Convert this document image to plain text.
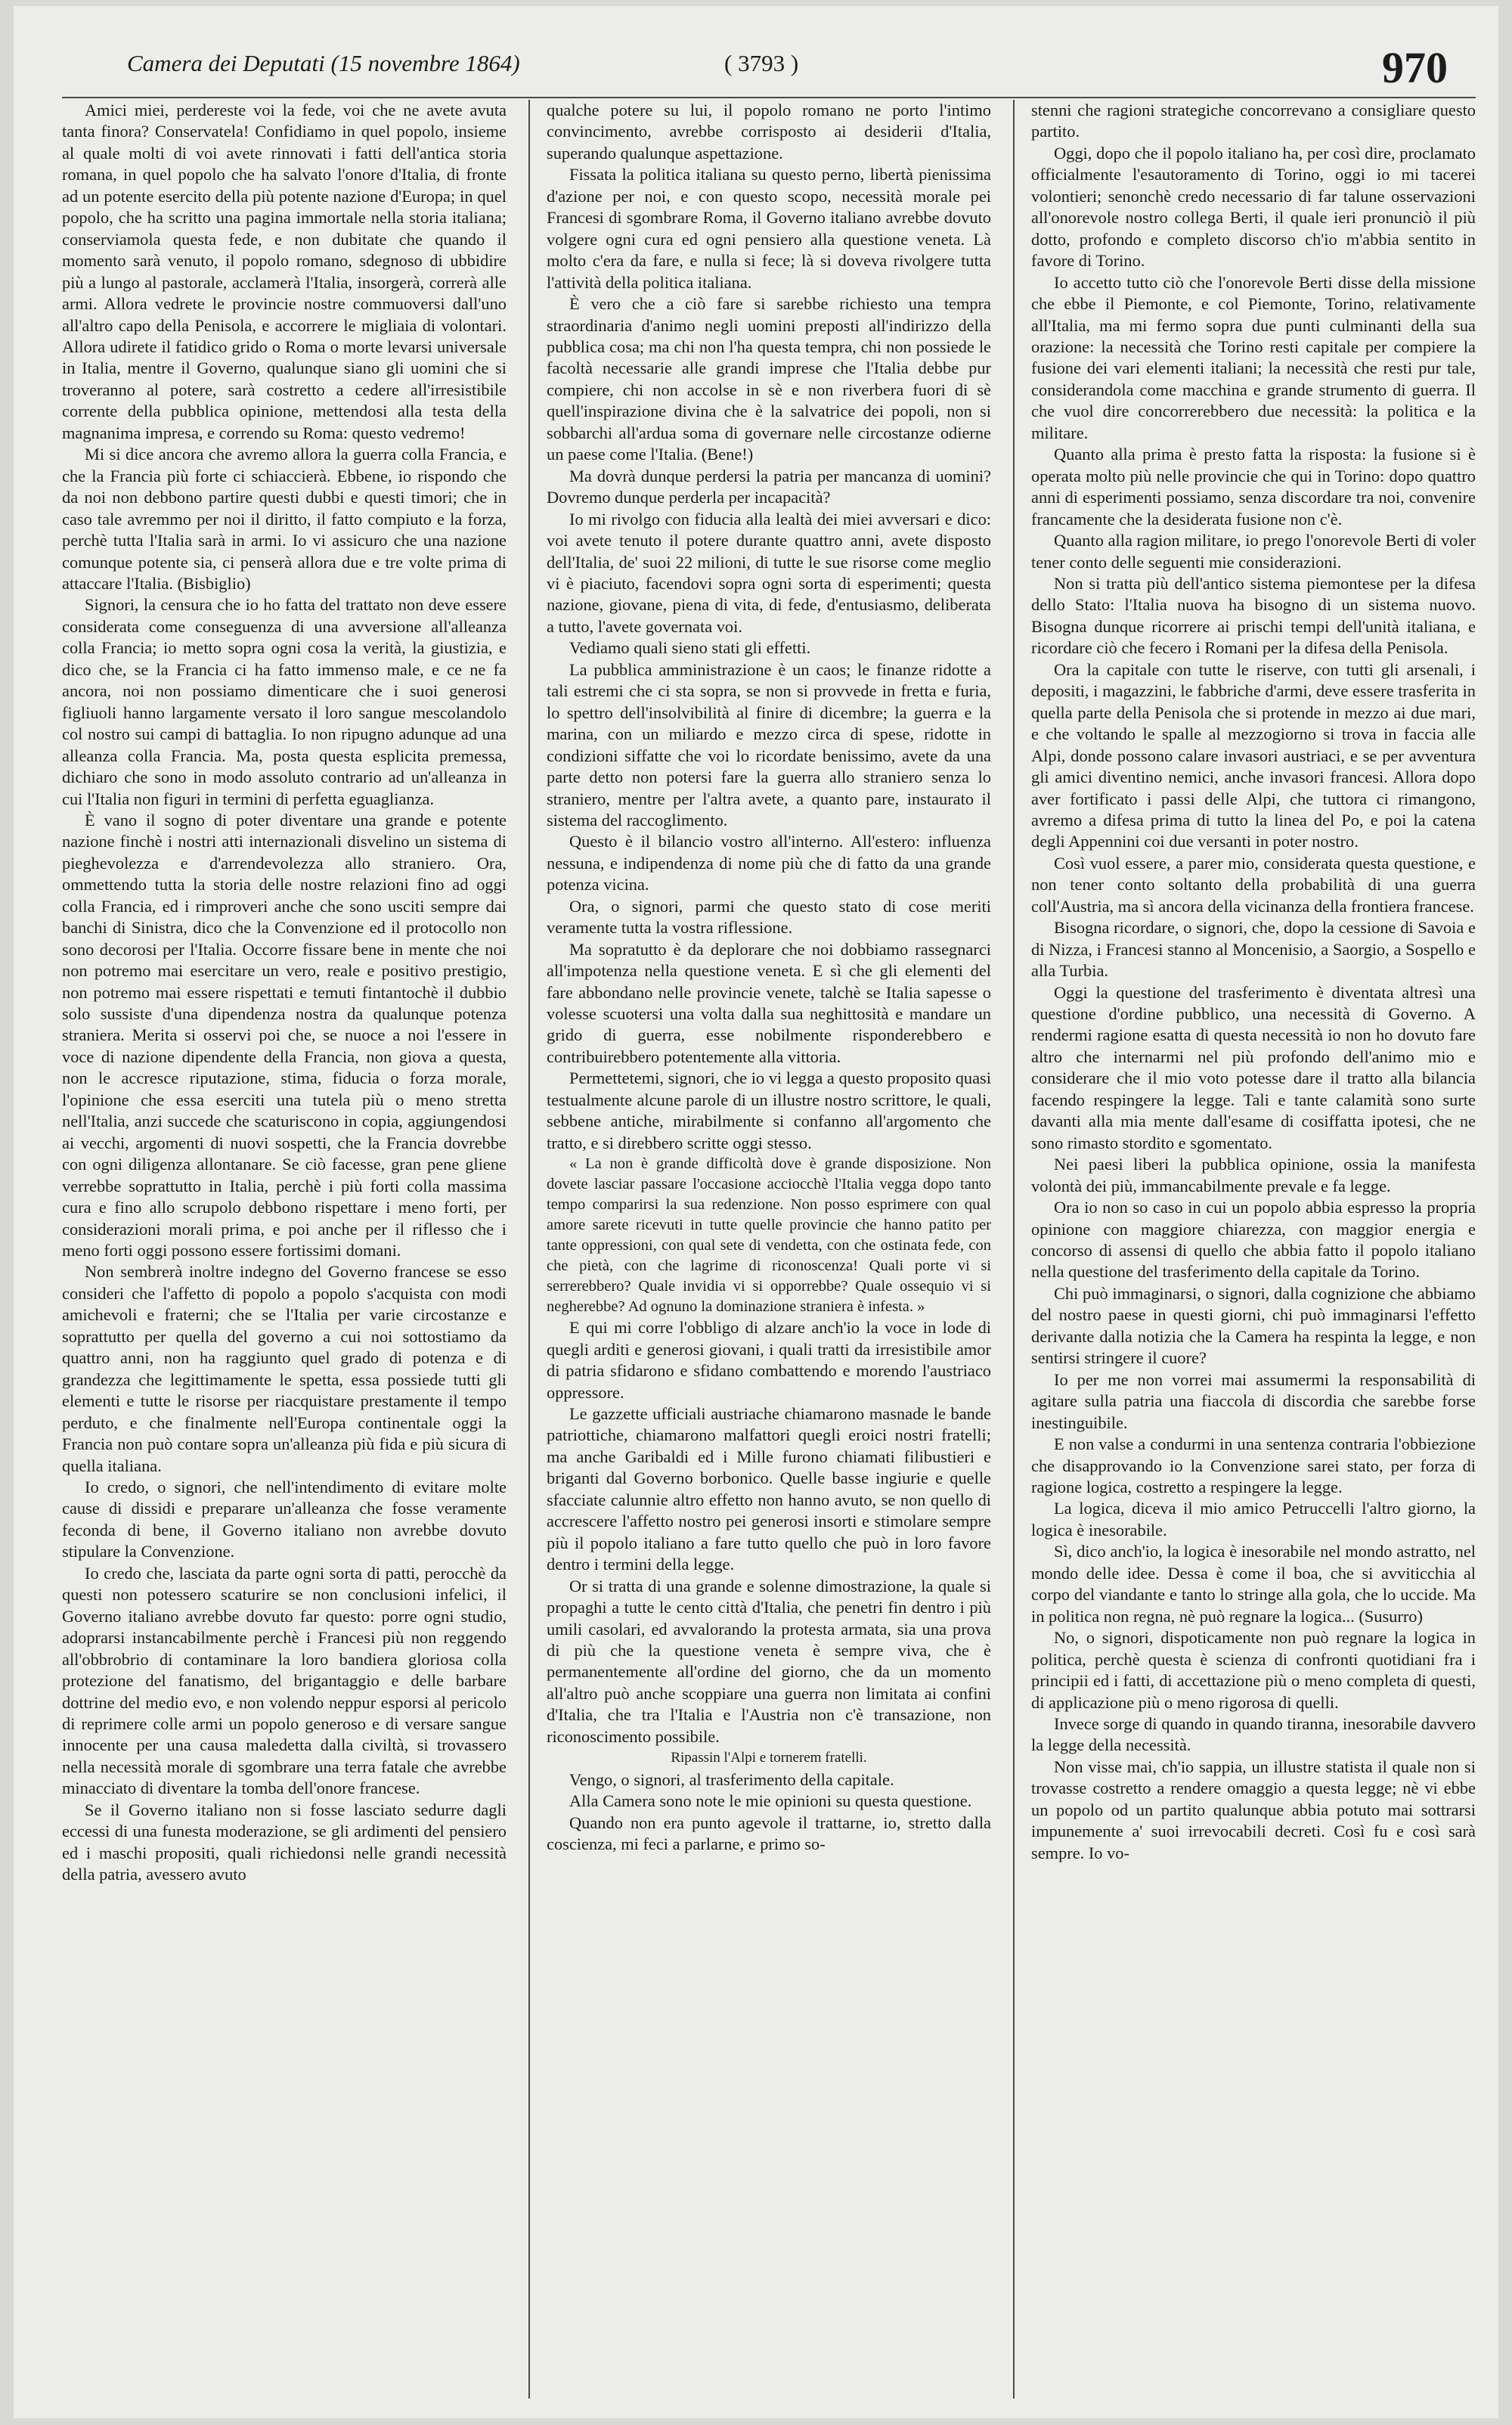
Camera dei Deputati (15 novembre 1864)	( 3793 )	970

Amici miei, perdereste voi la fede, voi che ne avete avuta tanta finora? Conservatela! Confidiamo in quel popolo, insieme al quale molti di voi avete rinnovati i fatti dell'antica storia romana, in quel popolo che ha salvato l'onore d'Italia, di fronte ad un potente esercito della più potente nazione d'Europa; in quel popolo, che ha scritto una pagina immortale nella storia italiana; conserviamola questa fede, e non dubitate che quando il momento sarà venuto, il popolo romano, sdegnoso di ubbidire più a lungo al pastorale, acclamerà l'Italia, insorgerà, correrà alle armi. Allora vedrete le provincie nostre commuoversi dall'uno all'altro capo della Penisola, e accorrere le migliaia di volontari. Allora udirete il fatidico grido o Roma o morte levarsi universale in Italia, mentre il Governo, qualunque siano gli uomini che si troveranno al potere, sarà costretto a cedere all'irresistibile corrente della pubblica opinione, mettendosi alla testa della magnanima impresa, e correndo su Roma: questo vedremo!

Mi si dice ancora che avremo allora la guerra colla Francia, e che la Francia più forte ci schiaccierà. Ebbene, io rispondo che da noi non debbono partire questi dubbi e questi timori; che in caso tale avremmo per noi il diritto, il fatto compiuto e la forza, perchè tutta l'Italia sarà in armi. Io vi assicuro che una nazione comunque potente sia, ci penserà allora due e tre volte prima di attaccare l'Italia. (Bisbiglio)

Signori, la censura che io ho fatta del trattato non deve essere considerata come conseguenza di una avversione all'alleanza colla Francia; io metto sopra ogni cosa la verità, la giustizia, e dico che, se la Francia ci ha fatto immenso male, e ce ne fa ancora, noi non possiamo dimenticare che i suoi generosi figliuoli hanno largamente versato il loro sangue mescolandolo col nostro sui campi di battaglia. Io non ripugno adunque ad una alleanza colla Francia. Ma, posta questa esplicita premessa, dichiaro che sono in modo assoluto contrario ad un'alleanza in cui l'Italia non figuri in termini di perfetta eguaglianza.

È vano il sogno di poter diventare una grande e potente nazione finchè i nostri atti internazionali disvelino un sistema di pieghevolezza e d'arrendevolezza allo straniero. Ora, ommettendo tutta la storia delle nostre relazioni fino ad oggi colla Francia, ed i rimproveri anche che sono usciti sempre dai banchi di Sinistra, dico che la Convenzione ed il protocollo non sono decorosi per l'Italia. Occorre fissare bene in mente che noi non potremo mai esercitare un vero, reale e positivo prestigio, non potremo mai essere rispettati e temuti fintantochè il dubbio solo sussiste d'una dipendenza nostra da qualunque potenza straniera. Merita si osservi poi che, se nuoce a noi l'essere in voce di nazione dipendente della Francia, non giova a questa, non le accresce riputazione, stima, fiducia o forza morale, l'opinione che essa eserciti una tutela più o meno stretta nell'Italia, anzi succede che scaturiscono in copia, aggiungendosi ai vecchi, argomenti di nuovi sospetti, che la Francia dovrebbe con ogni diligenza allontanare. Se ciò facesse, gran pene gliene verrebbe soprattutto in Italia, perchè i più forti colla massima cura e fino allo scrupolo debbono rispettare i meno forti, per considerazioni morali prima, e poi anche per il riflesso che i meno forti oggi possono essere fortissimi domani.

Non sembrerà inoltre indegno del Governo francese se esso consideri che l'affetto di popolo a popolo s'acquista con modi amichevoli e fraterni; che se l'Italia per varie circostanze e soprattutto per quella del governo a cui noi sottostiamo da quattro anni, non ha raggiunto quel grado di potenza e di grandezza che legittimamente le spetta, essa possiede tutti gli elementi e tutte le risorse per riacquistare prestamente il tempo perduto, e che finalmente nell'Europa continentale oggi la Francia non può contare sopra un'alleanza più fida e più sicura di quella italiana.

Io credo, o signori, che nell'intendimento di evitare molte cause di dissidi e preparare un'alleanza che fosse veramente feconda di bene, il Governo italiano non avrebbe dovuto stipulare la Convenzione.

Io credo che, lasciata da parte ogni sorta di patti, perocchè da questi non potessero scaturire se non conclusioni infelici, il Governo italiano avrebbe dovuto far questo: porre ogni studio, adoprarsi instancabilmente perchè i Francesi più non reggendo all'obbrobrio di contaminare la loro bandiera gloriosa colla protezione del fanatismo, del brigantaggio e delle barbare dottrine del medio evo, e non volendo neppur esporsi al pericolo di reprimere colle armi un popolo generoso e di versare sangue innocente per una causa maledetta dalla civiltà, si trovassero nella necessità morale di sgombrare una terra fatale che avrebbe minacciato di diventare la tomba dell'onore francese.

Se il Governo italiano non si fosse lasciato sedurre dagli eccessi di una funesta moderazione, se gli ardimenti del pensiero ed i maschi propositi, quali richiedonsi nelle grandi necessità della patria, avessero avuto

qualche potere su lui, il popolo romano ne porto l'intimo convincimento, avrebbe corrisposto ai desiderii d'Italia, superando qualunque aspettazione.

Fissata la politica italiana su questo perno, libertà pienissima d'azione per noi, e con questo scopo, necessità morale pei Francesi di sgombrare Roma, il Governo italiano avrebbe dovuto volgere ogni cura ed ogni pensiero alla questione veneta. Là molto c'era da fare, e nulla si fece; là si doveva rivolgere tutta l'attività della politica italiana.

È vero che a ciò fare si sarebbe richiesto una tempra straordinaria d'animo negli uomini preposti all'indirizzo della pubblica cosa; ma chi non l'ha questa tempra, chi non possiede le facoltà necessarie alle grandi imprese che l'Italia debbe pur compiere, chi non accolse in sè e non riverbera fuori di sè quell'inspirazione divina che è la salvatrice dei popoli, non si sobbarchi all'ardua soma di governare nelle circostanze odierne un paese come l'Italia. (Bene!)

Ma dovrà dunque perdersi la patria per mancanza di uomini? Dovremo dunque perderla per incapacità?

Io mi rivolgo con fiducia alla lealtà dei miei avversari e dico: voi avete tenuto il potere durante quattro anni, avete disposto dell'Italia, de' suoi 22 milioni, di tutte le sue risorse come meglio vi è piaciuto, facendovi sopra ogni sorta di esperimenti; questa nazione, giovane, piena di vita, di fede, d'entusiasmo, deliberata a tutto, l'avete governata voi.

Vediamo quali sieno stati gli effetti.

La pubblica amministrazione è un caos; le finanze ridotte a tali estremi che ci sta sopra, se non si provvede in fretta e furia, lo spettro dell'insolvibilità al finire di dicembre; la guerra e la marina, con un miliardo e mezzo circa di spese, ridotte in condizioni siffatte che voi lo ricordate benissimo, avete da una parte detto non potersi fare la guerra allo straniero senza lo straniero, mentre per l'altra avete, a quanto pare, instaurato il sistema del raccoglimento.

Questo è il bilancio vostro all'interno. All'estero: influenza nessuna, e indipendenza di nome più che di fatto da una grande potenza vicina.

Ora, o signori, parmi che questo stato di cose meriti veramente tutta la vostra riflessione.

Ma sopratutto è da deplorare che noi dobbiamo rassegnarci all'impotenza nella questione veneta. E sì che gli elementi del fare abbondano nelle provincie venete, talchè se Italia sapesse o volesse scuotersi una volta dalla sua neghittosità e mandare un grido di guerra, esse nobilmente risponderebbero e contribuirebbero potentemente alla vittoria.

Permettetemi, signori, che io vi legga a questo proposito quasi testualmente alcune parole di un illustre nostro scrittore, le quali, sebbene antiche, mirabilmente si confanno all'argomento che tratto, e si direbbero scritte oggi stesso.

« La non è grande difficoltà dove è grande disposizione. Non dovete lasciar passare l'occasione acciocchè l'Italia vegga dopo tanto tempo comparirsi la sua redenzione. Non posso esprimere con qual amore sarete ricevuti in tutte quelle provincie che hanno patito per tante oppressioni, con qual sete di vendetta, con che ostinata fede, con che pietà, con che lagrime di riconoscenza! Quali porte vi si serrerebbero? Quale invidia vi si opporrebbe? Quale ossequio vi si negherebbe? Ad ognuno la dominazione straniera è infesta. »

E qui mi corre l'obbligo di alzare anch'io la voce in lode di quegli arditi e generosi giovani, i quali tratti da irresistibile amor di patria sfidarono e sfidano combattendo e morendo l'austriaco oppressore.

Le gazzette ufficiali austriache chiamarono masnade le bande patriottiche, chiamarono malfattori quegli eroici nostri fratelli; ma anche Garibaldi ed i Mille furono chiamati filibustieri e briganti dal Governo borbonico. Quelle basse ingiurie e quelle sfacciate calunnie altro effetto non hanno avuto, se non quello di accrescere l'affetto nostro pei generosi insorti e stimolare sempre più il popolo italiano a fare tutto quello che può in loro favore dentro i termini della legge.

Or si tratta di una grande e solenne dimostrazione, la quale si propaghi a tutte le cento città d'Italia, che penetri fin dentro i più umili casolari, ed avvalorando la protesta armata, sia una prova di più che la questione veneta è sempre viva, che è permanentemente all'ordine del giorno, che da un momento all'altro può anche scoppiare una guerra non limitata ai confini d'Italia, che tra l'Italia e l'Austria non c'è transazione, non riconoscimento possibile.

Ripassin l'Alpi e tornerem fratelli.

Vengo, o signori, al trasferimento della capitale.

Alla Camera sono note le mie opinioni su questa questione.

Quando non era punto agevole il trattarne, io, stretto dalla coscienza, mi feci a parlarne, e primo so-

stenni che ragioni strategiche concorrevano a consigliare questo partito.

Oggi, dopo che il popolo italiano ha, per così dire, proclamato officialmente l'esautoramento di Torino, oggi io mi tacerei volontieri; senonchè credo necessario di far talune osservazioni all'onorevole nostro collega Berti, il quale ieri pronunciò il più dotto, profondo e completo discorso ch'io m'abbia sentito in favore di Torino.

Io accetto tutto ciò che l'onorevole Berti disse della missione che ebbe il Piemonte, e col Piemonte, Torino, relativamente all'Italia, ma mi fermo sopra due punti culminanti della sua orazione: la necessità che Torino resti capitale per compiere la fusione dei vari elementi italiani; la necessità che resti pur tale, considerandola come macchina e grande strumento di guerra. Il che vuol dire concorrerebbero due necessità: la politica e la militare.

Quanto alla prima è presto fatta la risposta: la fusione si è operata molto più nelle provincie che qui in Torino: dopo quattro anni di esperimenti possiamo, senza discordare tra noi, convenire francamente che la desiderata fusione non c'è.

Quanto alla ragion militare, io prego l'onorevole Berti di voler tener conto delle seguenti mie considerazioni.

Non si tratta più dell'antico sistema piemontese per la difesa dello Stato: l'Italia nuova ha bisogno di un sistema nuovo. Bisogna dunque ricorrere ai prischi tempi dell'unità italiana, e ricordare ciò che fecero i Romani per la difesa della Penisola.

Ora la capitale con tutte le riserve, con tutti gli arsenali, i depositi, i magazzini, le fabbriche d'armi, deve essere trasferita in quella parte della Penisola che si protende in mezzo ai due mari, e che voltando le spalle al mezzogiorno si trova in faccia alle Alpi, donde possono calare invasori austriaci, e se per avventura gli amici diventino nemici, anche invasori francesi. Allora dopo aver fortificato i passi delle Alpi, che tuttora ci rimangono, avremo a difesa prima di tutto la linea del Po, e poi la catena degli Appennini coi due versanti in poter nostro.

Così vuol essere, a parer mio, considerata questa questione, e non tener conto soltanto della probabilità di una guerra coll'Austria, ma sì ancora della vicinanza della frontiera francese.

Bisogna ricordare, o signori, che, dopo la cessione di Savoia e di Nizza, i Francesi stanno al Moncenisio, a Saorgio, a Sospello e alla Turbia.

Oggi la questione del trasferimento è diventata altresì una questione d'ordine pubblico, una necessità di Governo. A rendermi ragione esatta di questa necessità io non ho dovuto fare altro che internarmi nel più profondo dell'animo mio e considerare che il mio voto potesse dare il tratto alla bilancia facendo respingere la legge. Tali e tante calamità sono surte davanti alla mia mente dall'esame di cosiffatta ipotesi, che ne sono rimasto stordito e sgomentato.

Nei paesi liberi la pubblica opinione, ossia la manifesta volontà dei più, immancabilmente prevale e fa legge.

Ora io non so caso in cui un popolo abbia espresso la propria opinione con maggiore chiarezza, con maggior energia e concorso di assensi di quello che abbia fatto il popolo italiano nella questione del trasferimento della capitale da Torino.

Chi può immaginarsi, o signori, dalla cognizione che abbiamo del nostro paese in questi giorni, chi può immaginarsi l'effetto derivante dalla notizia che la Camera ha respinta la legge, e non sentirsi stringere il cuore?

Io per me non vorrei mai assumermi la responsabilità di agitare sulla patria una fiaccola di discordia che sarebbe forse inestinguibile.

E non valse a condurmi in una sentenza contraria l'obbiezione che disapprovando io la Convenzione sarei stato, per forza di ragione logica, costretto a respingere la legge.

La logica, diceva il mio amico Petruccelli l'altro giorno, la logica è inesorabile.

Sì, dico anch'io, la logica è inesorabile nel mondo astratto, nel mondo delle idee. Dessa è come il boa, che si avviticchia al corpo del viandante e tanto lo stringe alla gola, che lo uccide. Ma in politica non regna, nè può regnare la logica... (Susurro)

No, o signori, dispoticamente non può regnare la logica in politica, perchè questa è scienza di confronti quotidiani fra i principii ed i fatti, di accettazione più o meno completa di questi, di applicazione più o meno rigorosa di quelli.

Invece sorge di quando in quando tiranna, inesorabile davvero la legge della necessità.

Non visse mai, ch'io sappia, un illustre statista il quale non si trovasse costretto a rendere omaggio a questa legge; nè vi ebbe un popolo od un partito qualunque abbia potuto mai sottrarsi impunemente a' suoi irrevocabili decreti. Così fu e così sarà sempre. Io vo-
